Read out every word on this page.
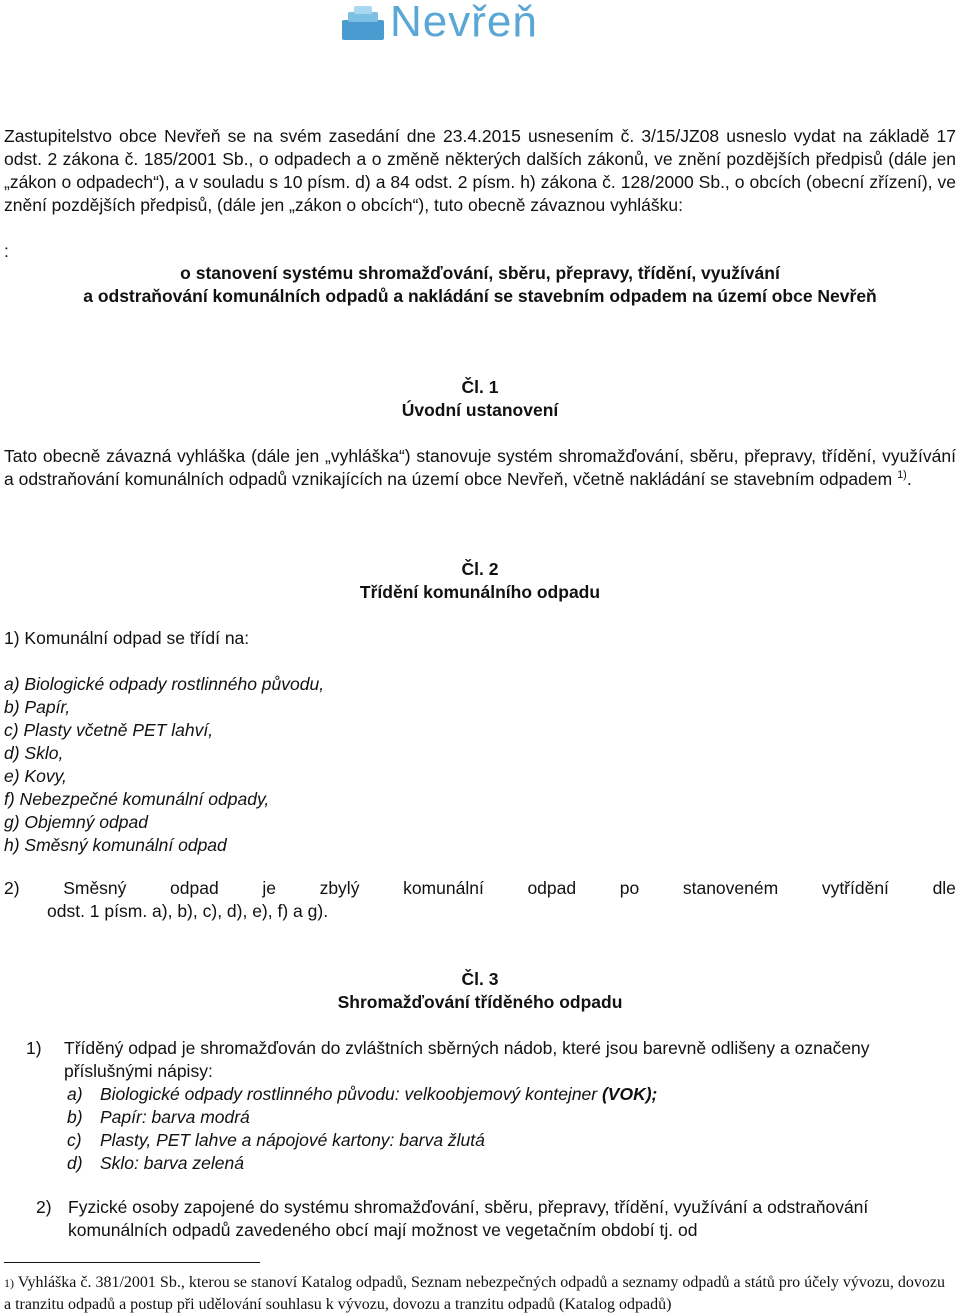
Nevřeň

Zastupitelstvo obce Nevřeň se na svém zasedání dne 23.4.2015 usnesením č. 3/15/JZ08 usneslo vydat na základě 17 odst. 2 zákona č. 185/2001 Sb., o odpadech a o změně některých dalších zákonů, ve znění pozdějších předpisů (dále jen „zákon o odpadech“), a v souladu s 10 písm. d) a 84 odst. 2 písm. h) zákona č. 128/2000 Sb., o obcích (obecní zřízení), ve znění pozdějších předpisů, (dále jen „zákon o obcích“), tuto obecně závaznou vyhlášku:

:

o stanovení systému shromažďování, sběru, přepravy, třídění, využívání

a odstraňování komunálních odpadů a nakládání se stavebním odpadem na území obce Nevřeň

Čl. 1

Úvodní ustanovení

Tato obecně závazná vyhláška (dále jen „vyhláška“) stanovuje systém shromažďování, sběru, přepravy, třídění, využívání a odstraňování komunálních odpadů vznikajících na území obce Nevřeň, včetně nakládání se stavebním odpadem $^{1)}$.

Čl. 2

Třídění komunálního odpadu

1) Komunální odpad se třídí na:

a) Biologické odpady rostlinného původu,
b) Papír,
c) Plasty včetně PET lahví,
d) Sklo,
e) Kovy,
f) Nebezpečné komunální odpady,
g) Objemný odpad
h) Směsný komunální odpad
2) Směsný odpad je zbylý komunální odpad po stanoveném vytřídění dle

odst. 1 písm. a), b), c), d), e), f) a g).

Čl. 3

Shromažďování tříděného odpadu

1) Tříděný odpad je shromažďován do zvláštních sběrných nádob, které jsou barevně odlišeny a označeny příslušnými nápisy:

a) Biologické odpady rostlinného původu: velkoobjemový kontejner (VOK);
b) Papír: barva modrá
c) Plasty, PET lahve a nápojové kartony: barva žlutá
d) Sklo: barva zelená
2) Fyzické osoby zapojené do systému shromažďování, sběru, přepravy, třídění, využívání a odstraňování komunálních odpadů zavedeného obcí mají možnost ve vegetačním období tj. od

1) Vyhláška č. 381/2001 Sb., kterou se stanoví Katalog odpadů, Seznam nebezpečných odpadů a seznamy odpadů a států pro účely vývozu, dovozu a tranzitu odpadů a postup při udělování souhlasu k vývozu, dovozu a tranzitu odpadů (Katalog odpadů)
